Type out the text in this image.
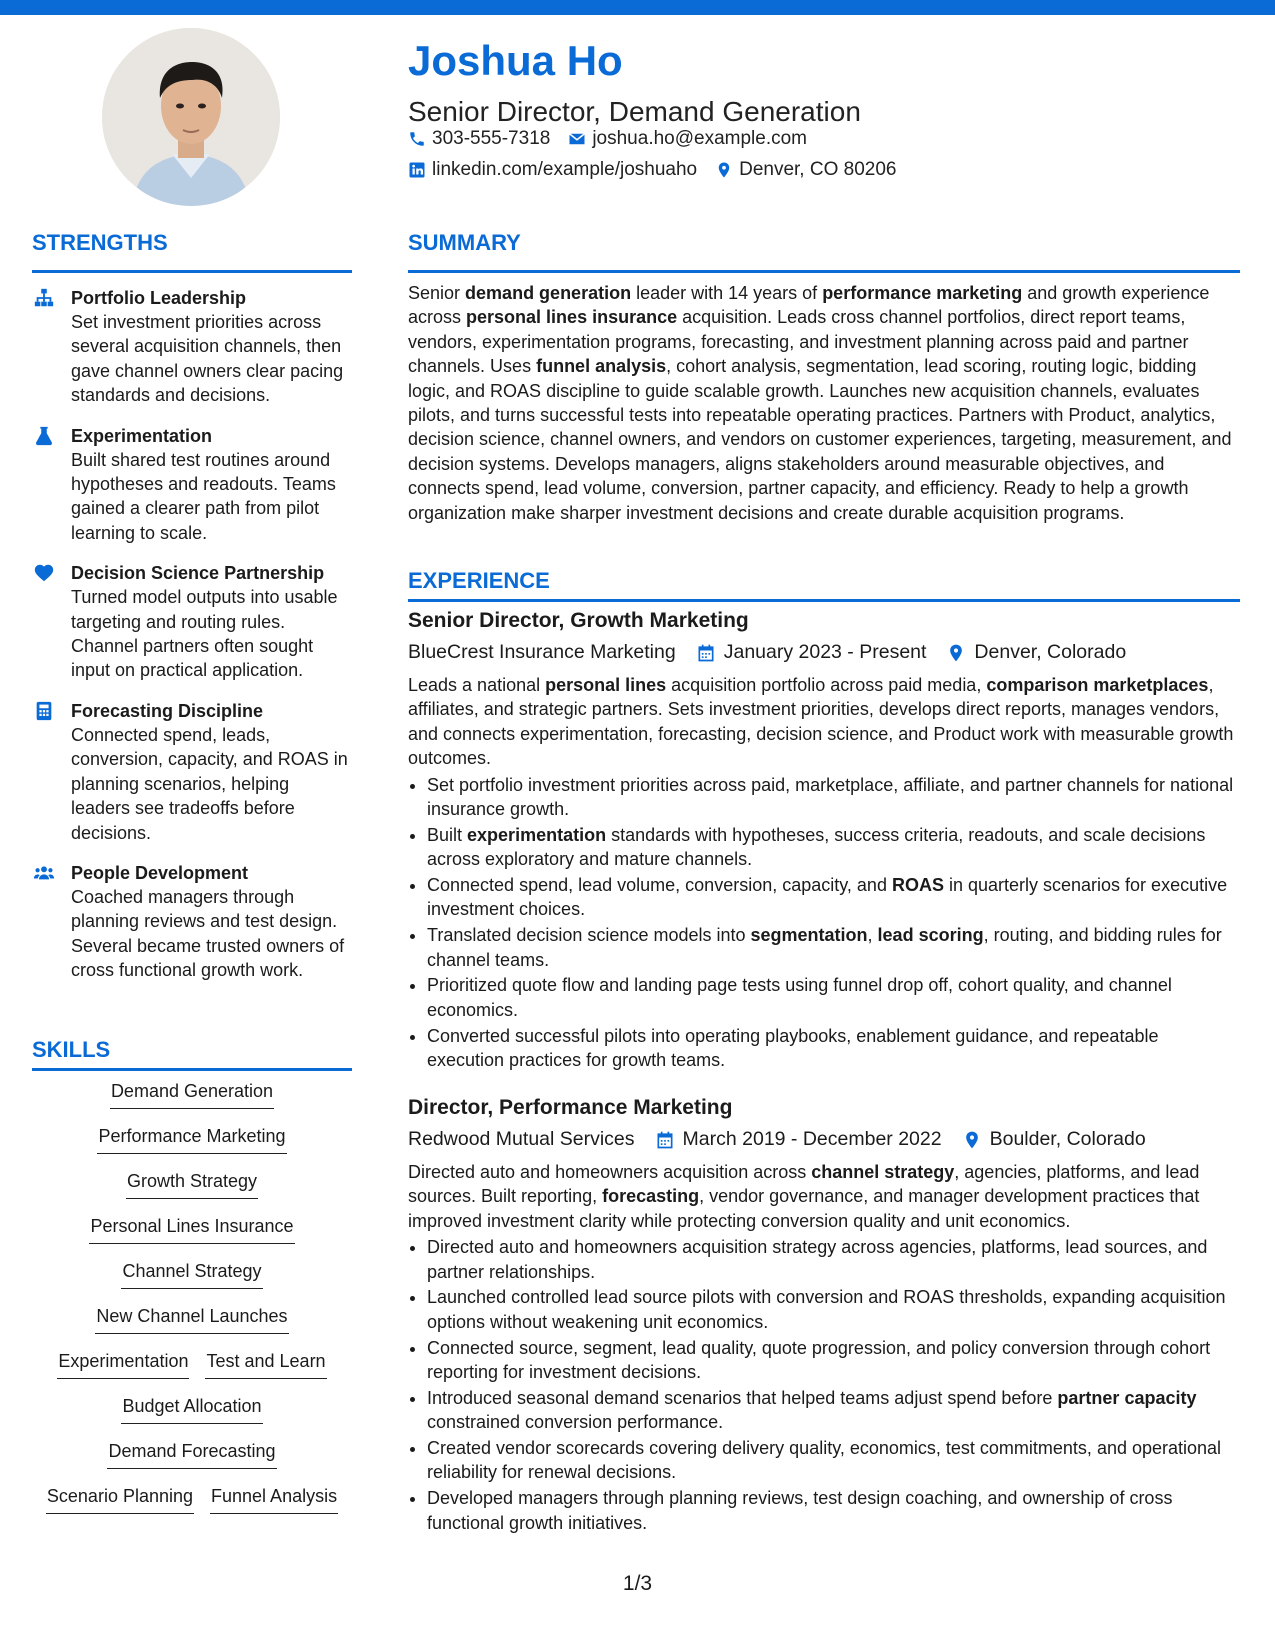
Joshua Ho
Senior Director, Demand Generation
303-555-7318 joshua.ho@example.com
linkedin.com/example/joshuaho Denver, CO 80206
STRENGTHS
Portfolio Leadership
Set investment priorities across several acquisition channels, then gave channel owners clear pacing standards and decisions.
Experimentation
Built shared test routines around hypotheses and readouts. Teams gained a clearer path from pilot learning to scale.
Decision Science Partnership
Turned model outputs into usable targeting and routing rules. Channel partners often sought input on practical application.
Forecasting Discipline
Connected spend, leads, conversion, capacity, and ROAS in planning scenarios, helping leaders see tradeoffs before decisions.
People Development
Coached managers through planning reviews and test design. Several became trusted owners of cross functional growth work.
SKILLS
Demand Generation
Performance Marketing
Growth Strategy
Personal Lines Insurance
Channel Strategy
New Channel Launches
Experimentation Test and Learn
Budget Allocation
Demand Forecasting
Scenario Planning Funnel Analysis
SUMMARY
Senior demand generation leader with 14 years of performance marketing and growth experience across personal lines insurance acquisition. Leads cross channel portfolios, direct report teams, vendors, experimentation programs, forecasting, and investment planning across paid and partner channels. Uses funnel analysis, cohort analysis, segmentation, lead scoring, routing logic, bidding logic, and ROAS discipline to guide scalable growth. Launches new acquisition channels, evaluates pilots, and turns successful tests into repeatable operating practices. Partners with Product, analytics, decision science, channel owners, and vendors on customer experiences, targeting, measurement, and decision systems. Develops managers, aligns stakeholders around measurable objectives, and connects spend, lead volume, conversion, partner capacity, and efficiency. Ready to help a growth organization make sharper investment decisions and create durable acquisition programs.
EXPERIENCE
Senior Director, Growth Marketing
BlueCrest Insurance Marketing January 2023 - Present Denver, Colorado
Leads a national personal lines acquisition portfolio across paid media, comparison marketplaces, affiliates, and strategic partners. Sets investment priorities, develops direct reports, manages vendors, and connects experimentation, forecasting, decision science, and Product work with measurable growth outcomes.
• Set portfolio investment priorities across paid, marketplace, affiliate, and partner channels for national insurance growth.
• Built experimentation standards with hypotheses, success criteria, readouts, and scale decisions across exploratory and mature channels.
• Connected spend, lead volume, conversion, capacity, and ROAS in quarterly scenarios for executive investment choices.
• Translated decision science models into segmentation, lead scoring, routing, and bidding rules for channel teams.
• Prioritized quote flow and landing page tests using funnel drop off, cohort quality, and channel economics.
• Converted successful pilots into operating playbooks, enablement guidance, and repeatable execution practices for growth teams.
Director, Performance Marketing
Redwood Mutual Services March 2019 - December 2022 Boulder, Colorado
Directed auto and homeowners acquisition across channel strategy, agencies, platforms, and lead sources. Built reporting, forecasting, vendor governance, and manager development practices that improved investment clarity while protecting conversion quality and unit economics.
• Directed auto and homeowners acquisition strategy across agencies, platforms, lead sources, and partner relationships.
• Launched controlled lead source pilots with conversion and ROAS thresholds, expanding acquisition options without weakening unit economics.
• Connected source, segment, lead quality, quote progression, and policy conversion through cohort reporting for investment decisions.
• Introduced seasonal demand scenarios that helped teams adjust spend before partner capacity constrained conversion performance.
• Created vendor scorecards covering delivery quality, economics, test commitments, and operational reliability for renewal decisions.
• Developed managers through planning reviews, test design coaching, and ownership of cross functional growth initiatives.
1/3
